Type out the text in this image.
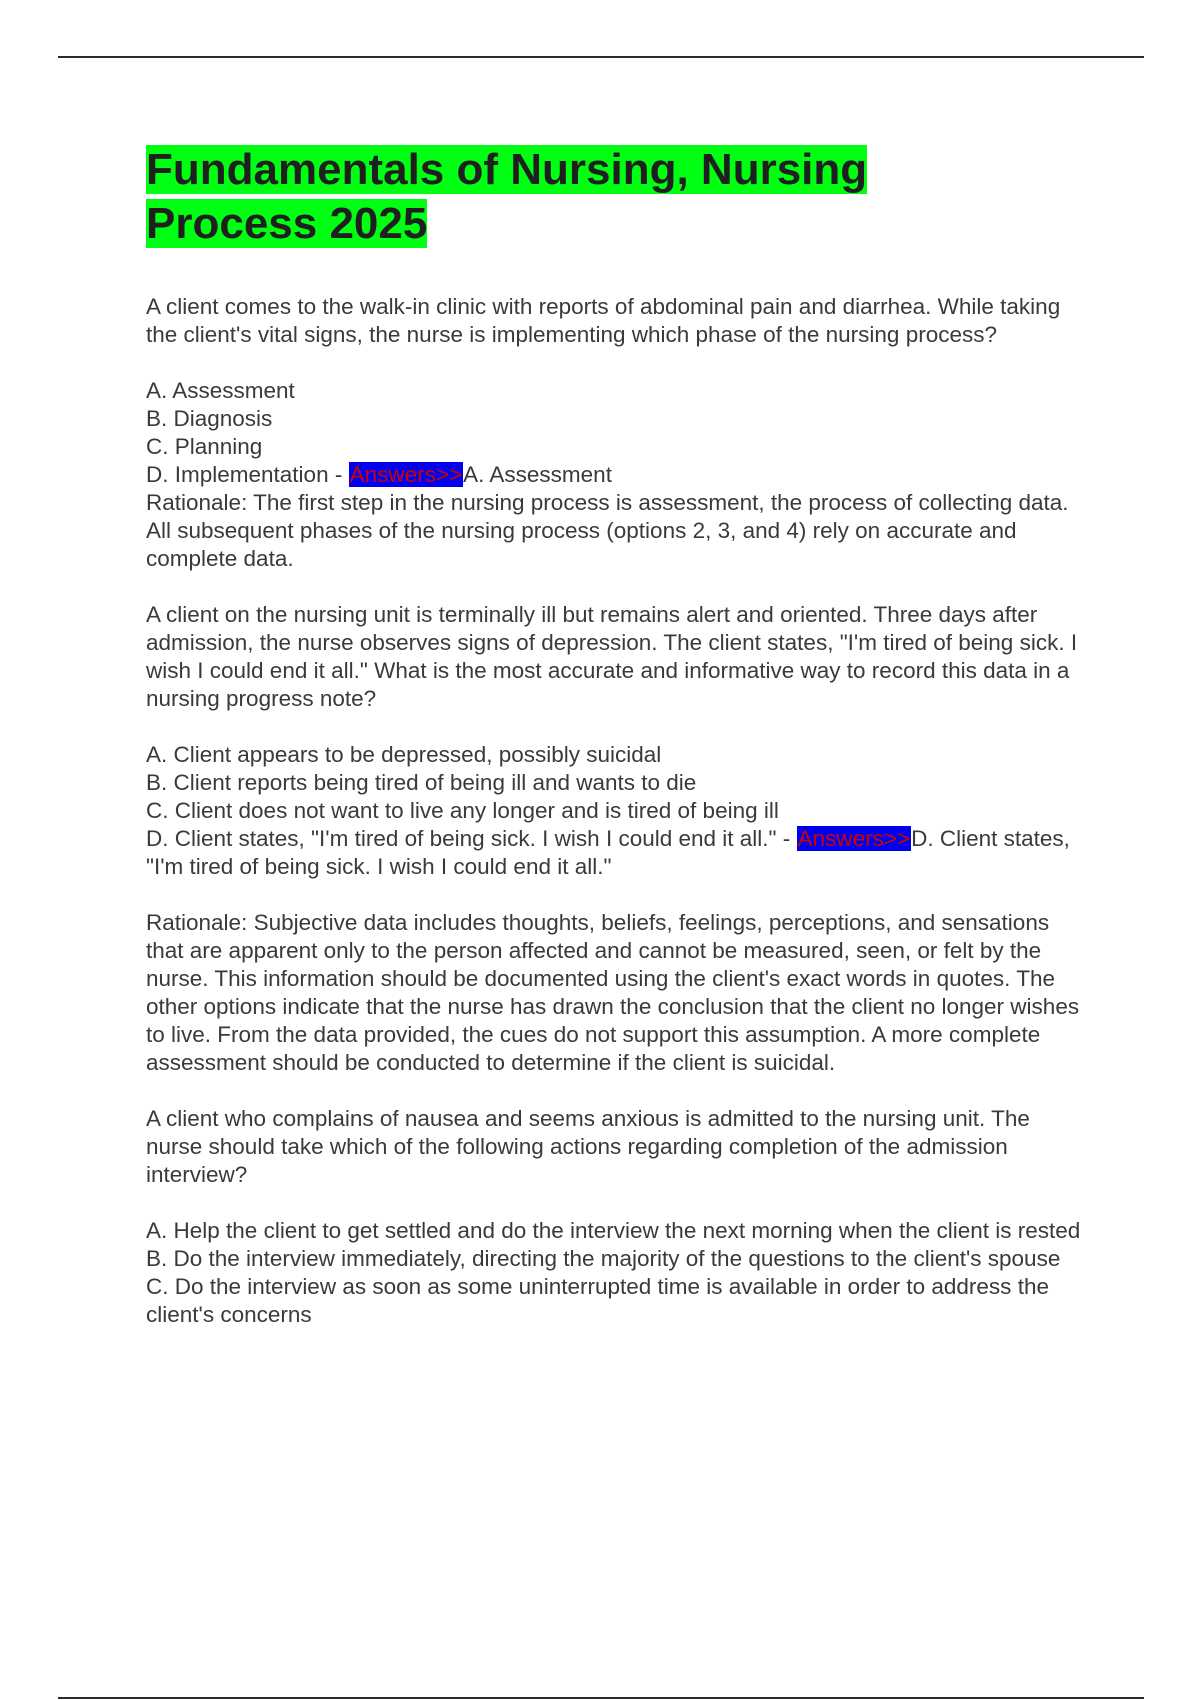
Fundamentals of Nursing, Nursing
Process 2025

A client comes to the walk-in clinic with reports of abdominal pain and diarrhea. While taking the client's vital signs, the nurse is implementing which phase of the nursing process?

A. Assessment
B. Diagnosis
C. Planning
D. Implementation - Answers>>A. Assessment
Rationale: The first step in the nursing process is assessment, the process of collecting data. All subsequent phases of the nursing process (options 2, 3, and 4) rely on accurate and complete data.

A client on the nursing unit is terminally ill but remains alert and oriented. Three days after admission, the nurse observes signs of depression. The client states, "I'm tired of being sick. I wish I could end it all." What is the most accurate and informative way to record this data in a nursing progress note?

A. Client appears to be depressed, possibly suicidal
B. Client reports being tired of being ill and wants to die
C. Client does not want to live any longer and is tired of being ill
D. Client states, "I'm tired of being sick. I wish I could end it all." - Answers>>D. Client states, "I'm tired of being sick. I wish I could end it all."

Rationale: Subjective data includes thoughts, beliefs, feelings, perceptions, and sensations that are apparent only to the person affected and cannot be measured, seen, or felt by the nurse. This information should be documented using the client's exact words in quotes. The other options indicate that the nurse has drawn the conclusion that the client no longer wishes to live. From the data provided, the cues do not support this assumption. A more complete assessment should be conducted to determine if the client is suicidal.

A client who complains of nausea and seems anxious is admitted to the nursing unit. The nurse should take which of the following actions regarding completion of the admission interview?

A. Help the client to get settled and do the interview the next morning when the client is rested
B. Do the interview immediately, directing the majority of the questions to the client's spouse
C. Do the interview as soon as some uninterrupted time is available in order to address the client's concerns
